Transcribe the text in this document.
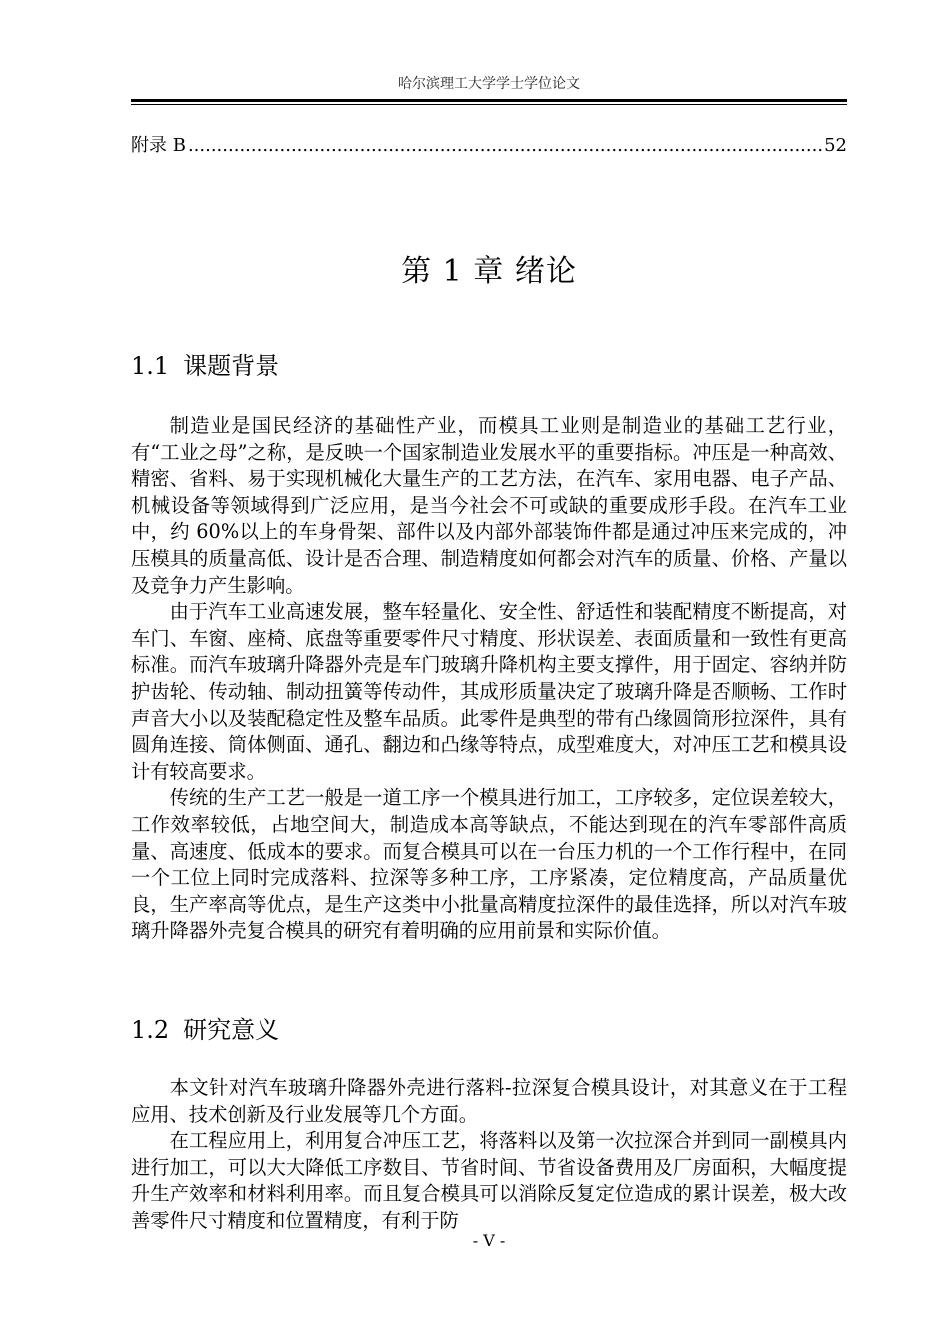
哈尔滨理工大学学士学位论文
附录 B
.....	52
第 1 章 绪论
1.1 课题背景

制造业是国民经济的基础性产业，而模具工业则是制造业的基础工艺行业，有“工业之母”之称，是反映一个国家制造业发展水平的重要指标。冲压是一种高效、精密、省料、易于实现机械化大量生产的工艺方法，在汽车、家用电器、电子产品、机械设备等领域得到广泛应用，是当今社会不可或缺的重要成形手段。在汽车工业中，约 60%以上的车身骨架、部件以及内部外部装饰件都是通过冲压来完成的，冲压模具的质量高低、设计是否合理、制造精度如何都会对汽车的质量、价格、产量以及竞争力产生影响。

由于汽车工业高速发展，整车轻量化、安全性、舒适性和装配精度不断提高，对车门、车窗、座椅、底盘等重要零件尺寸精度、形状误差、表面质量和一致性有更高标准。而汽车玻璃升降器外壳是车门玻璃升降机构主要支撑件，用于固定、容纳并防护齿轮、传动轴、制动扭簧等传动件，其成形质量决定了玻璃升降是否顺畅、工作时声音大小以及装配稳定性及整车品质。此零件是典型的带有凸缘圆筒形拉深件，具有圆角连接、筒体侧面、通孔、翻边和凸缘等特点，成型难度大，对冲压工艺和模具设计有较高要求。

传统的生产工艺一般是一道工序一个模具进行加工，工序较多，定位误差较大，工作效率较低，占地空间大，制造成本高等缺点，不能达到现在的汽车零部件高质量、高速度、低成本的要求。而复合模具可以在一台压力机的一个工作行程中，在同一个工位上同时完成落料、拉深等多种工序，工序紧凑，定位精度高，产品质量优良，生产率高等优点，是生产这类中小批量高精度拉深件的最佳选择，所以对汽车玻璃升降器外壳复合模具的研究有着明确的应用前景和实际价值。

1.2 研究意义

本文针对汽车玻璃升降器外壳进行落料-拉深复合模具设计，对其意义在于工程应用、技术创新及行业发展等几个方面。

在工程应用上，利用复合冲压工艺，将落料以及第一次拉深合并到同一副模具内进行加工，可以大大降低工序数目、节省时间、节省设备费用及厂房面积，大幅度提升生产效率和材料利用率。而且复合模具可以消除反复定位造成的累计误差，极大改善零件尺寸精度和位置精度，有利于防

- V -
